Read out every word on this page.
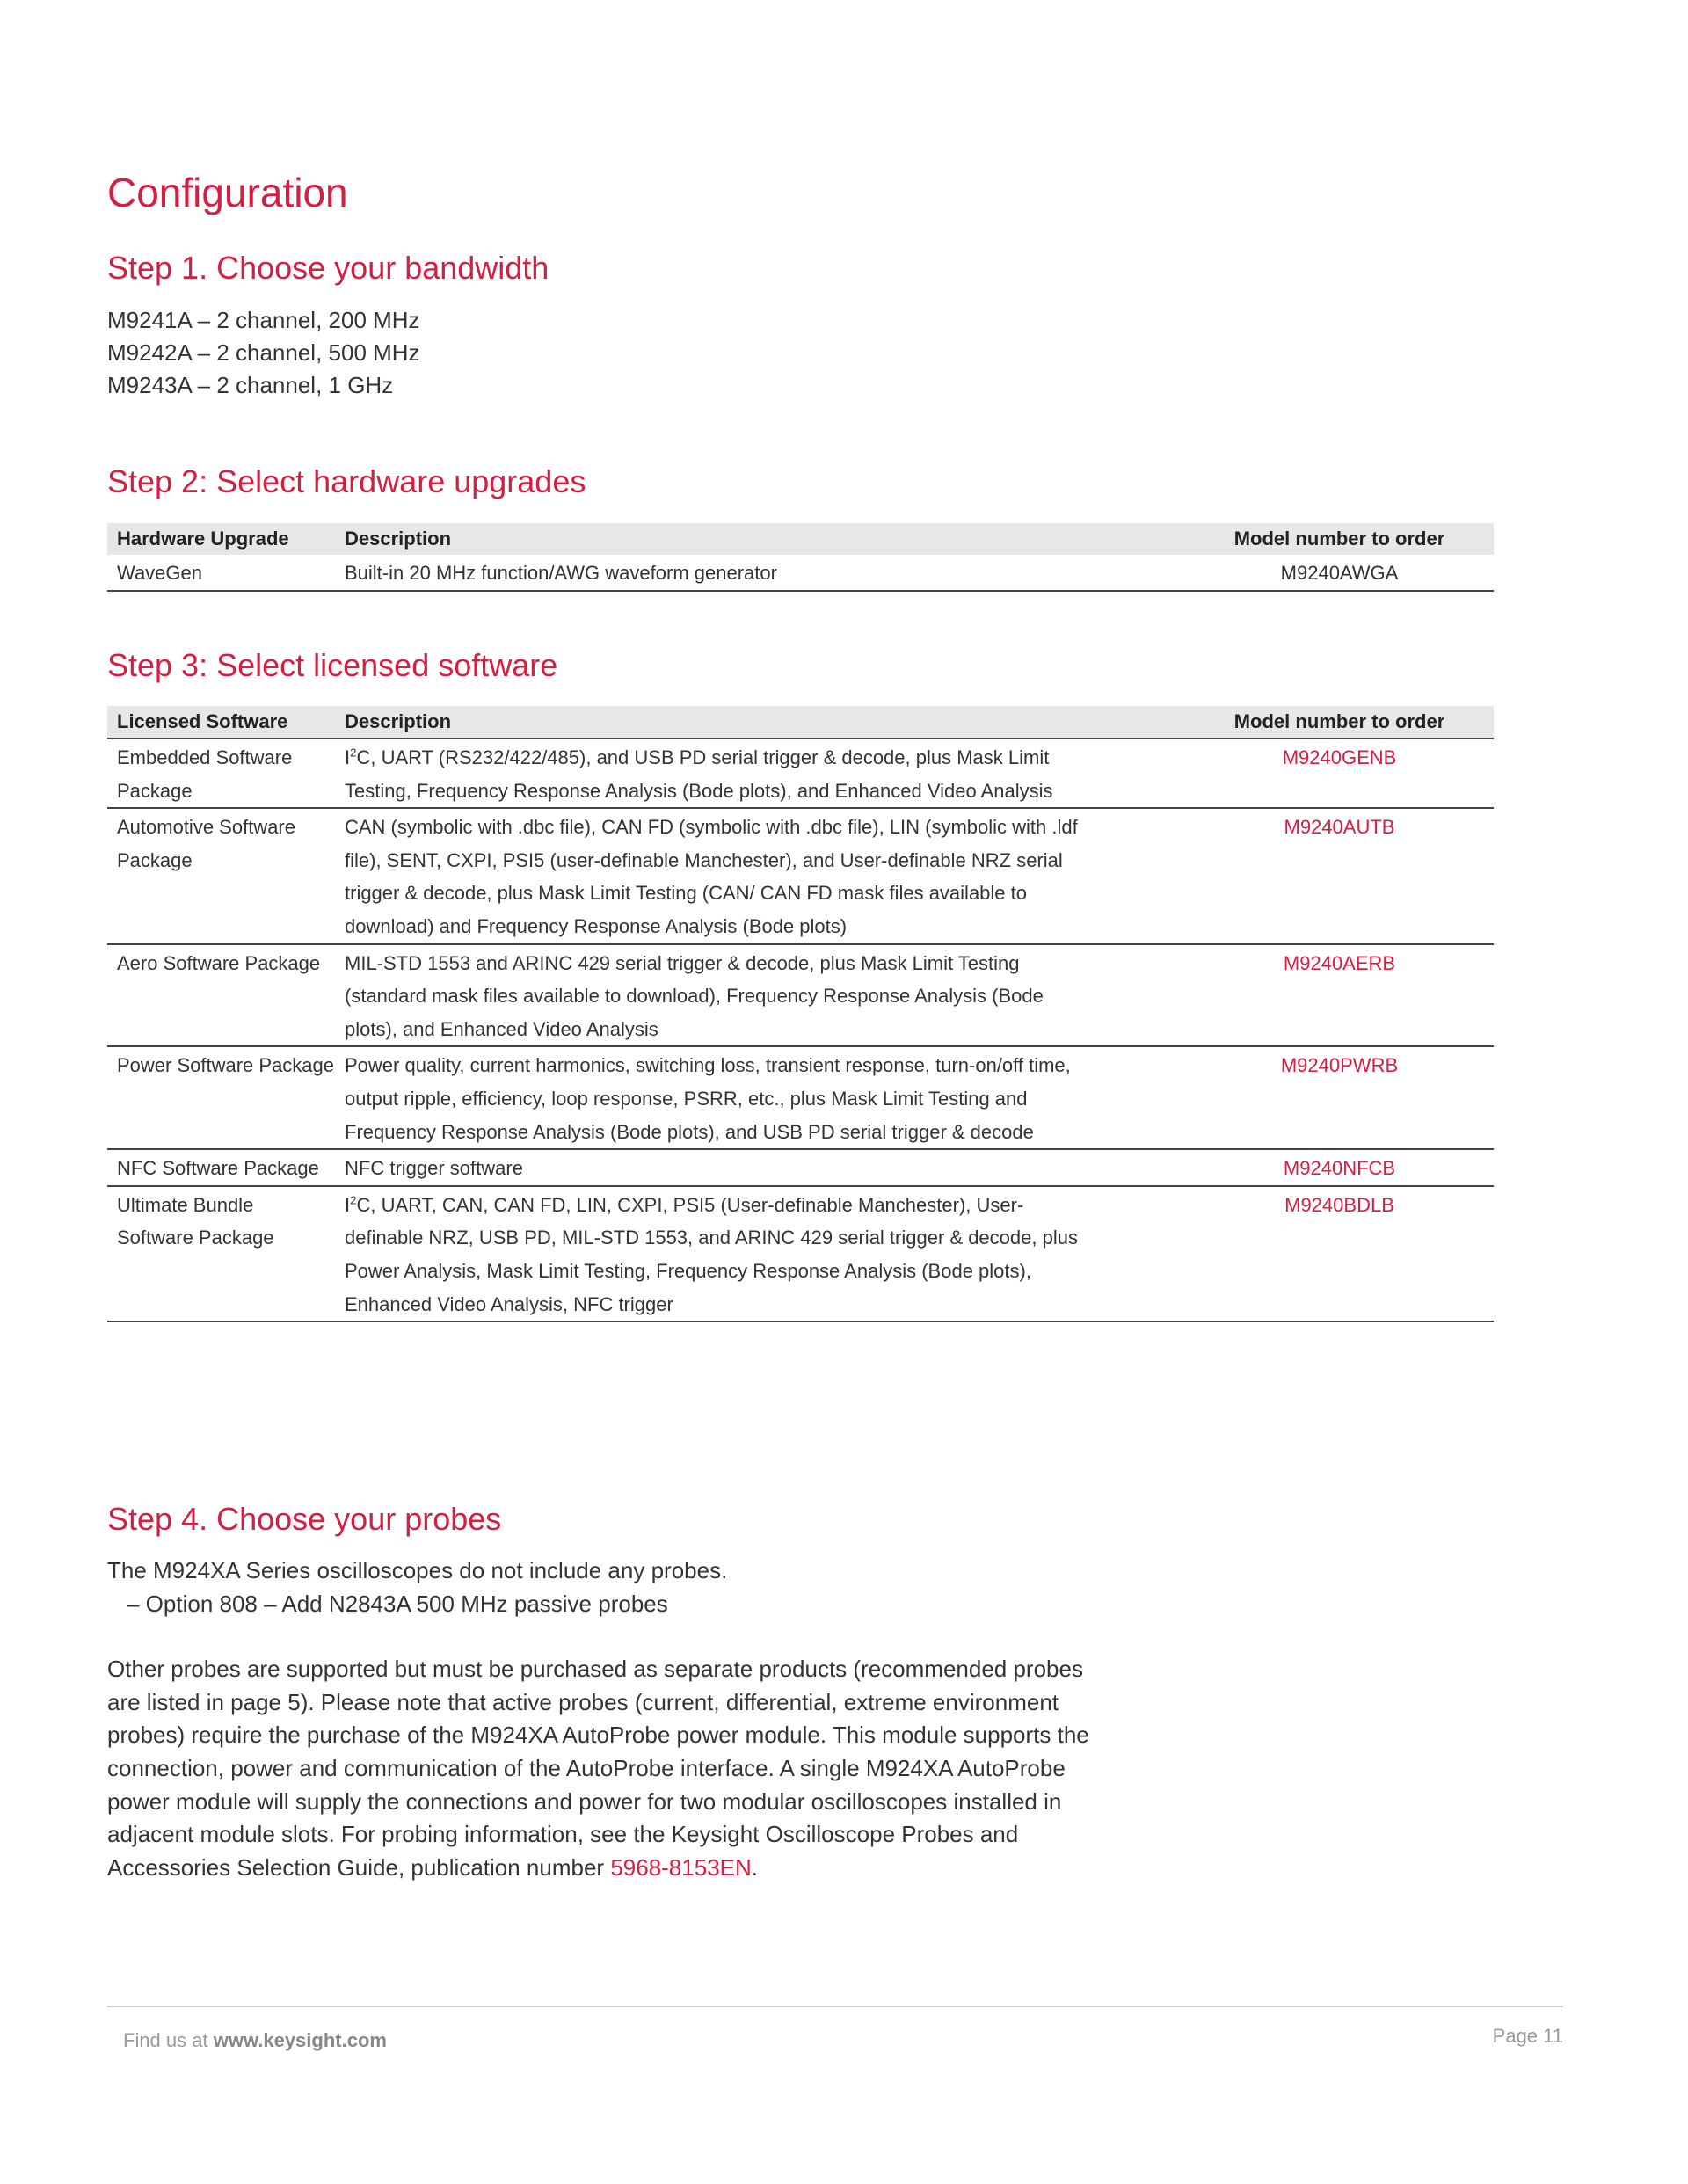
Configuration
Step 1. Choose your bandwidth
M9241A – 2 channel, 200 MHz
M9242A – 2 channel, 500 MHz
M9243A – 2 channel, 1 GHz
Step 2: Select hardware upgrades
Hardware Upgrade	Description	Model number to order
WaveGen	Built-in 20 MHz function/AWG waveform generator	M9240AWGA
Step 3: Select licensed software
Licensed Software	Description	Model number to order
Embedded Software Package	$I^2C$, UART (RS232/422/485), and USB PD serial trigger & decode, plus Mask Limit Testing, Frequency Response Analysis (Bode plots), and Enhanced Video Analysis	M9240GENB
Automotive Software Package	CAN (symbolic with .dbc file), CAN FD (symbolic with .dbc file), LIN (symbolic with .ldf file), SENT, CXPI, PSI5 (user-definable Manchester), and User-definable NRZ serial trigger & decode, plus Mask Limit Testing (CAN/ CAN FD mask files available to download) and Frequency Response Analysis (Bode plots)	M9240AUTB
Aero Software Package	MIL-STD 1553 and ARINC 429 serial trigger & decode, plus Mask Limit Testing (standard mask files available to download), Frequency Response Analysis (Bode plots), and Enhanced Video Analysis	M9240AERB
Power Software Package	Power quality, current harmonics, switching loss, transient response, turn-on/off time, output ripple, efficiency, loop response, PSRR, etc., plus Mask Limit Testing and Frequency Response Analysis (Bode plots), and USB PD serial trigger & decode	M9240PWRB
NFC Software Package	NFC trigger software	M9240NFCB
Ultimate Bundle Software Package	$I^2C$, UART, CAN, CAN FD, LIN, CXPI, PSI5 (User-definable Manchester), User-definable NRZ, USB PD, MIL-STD 1553, and ARINC 429 serial trigger & decode, plus Power Analysis, Mask Limit Testing, Frequency Response Analysis (Bode plots), Enhanced Video Analysis, NFC trigger	M9240BDLB
Step 4. Choose your probes

The M924XA Series oscilloscopes do not include any probes.

– Option 808 – Add N2843A 500 MHz passive probes

Other probes are supported but must be purchased as separate products (recommended probes are listed in page 5). Please note that active probes (current, differential, extreme environment probes) require the purchase of the M924XA AutoProbe power module. This module supports the connection, power and communication of the AutoProbe interface. A single M924XA AutoProbe power module will supply the connections and power for two modular oscilloscopes installed in adjacent module slots. For probing information, see the Keysight Oscilloscope Probes and Accessories Selection Guide, publication number 5968-8153EN.

Find us at www.keysight.com	Page 11
